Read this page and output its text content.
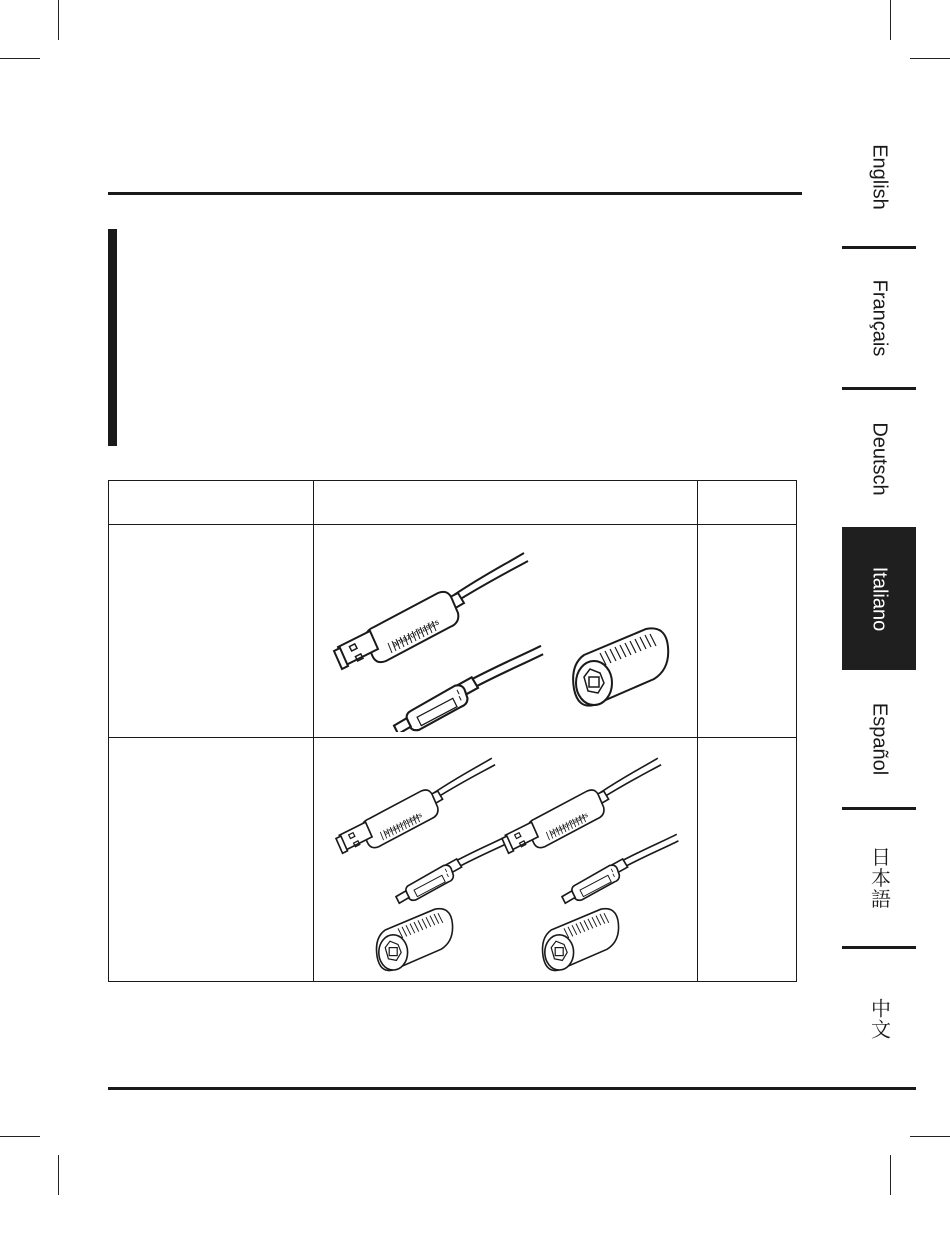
English
Français
Deutsch
Italiano
Español
日本語
中文

amazonbasics	

amazonbasics amazonbasics	
